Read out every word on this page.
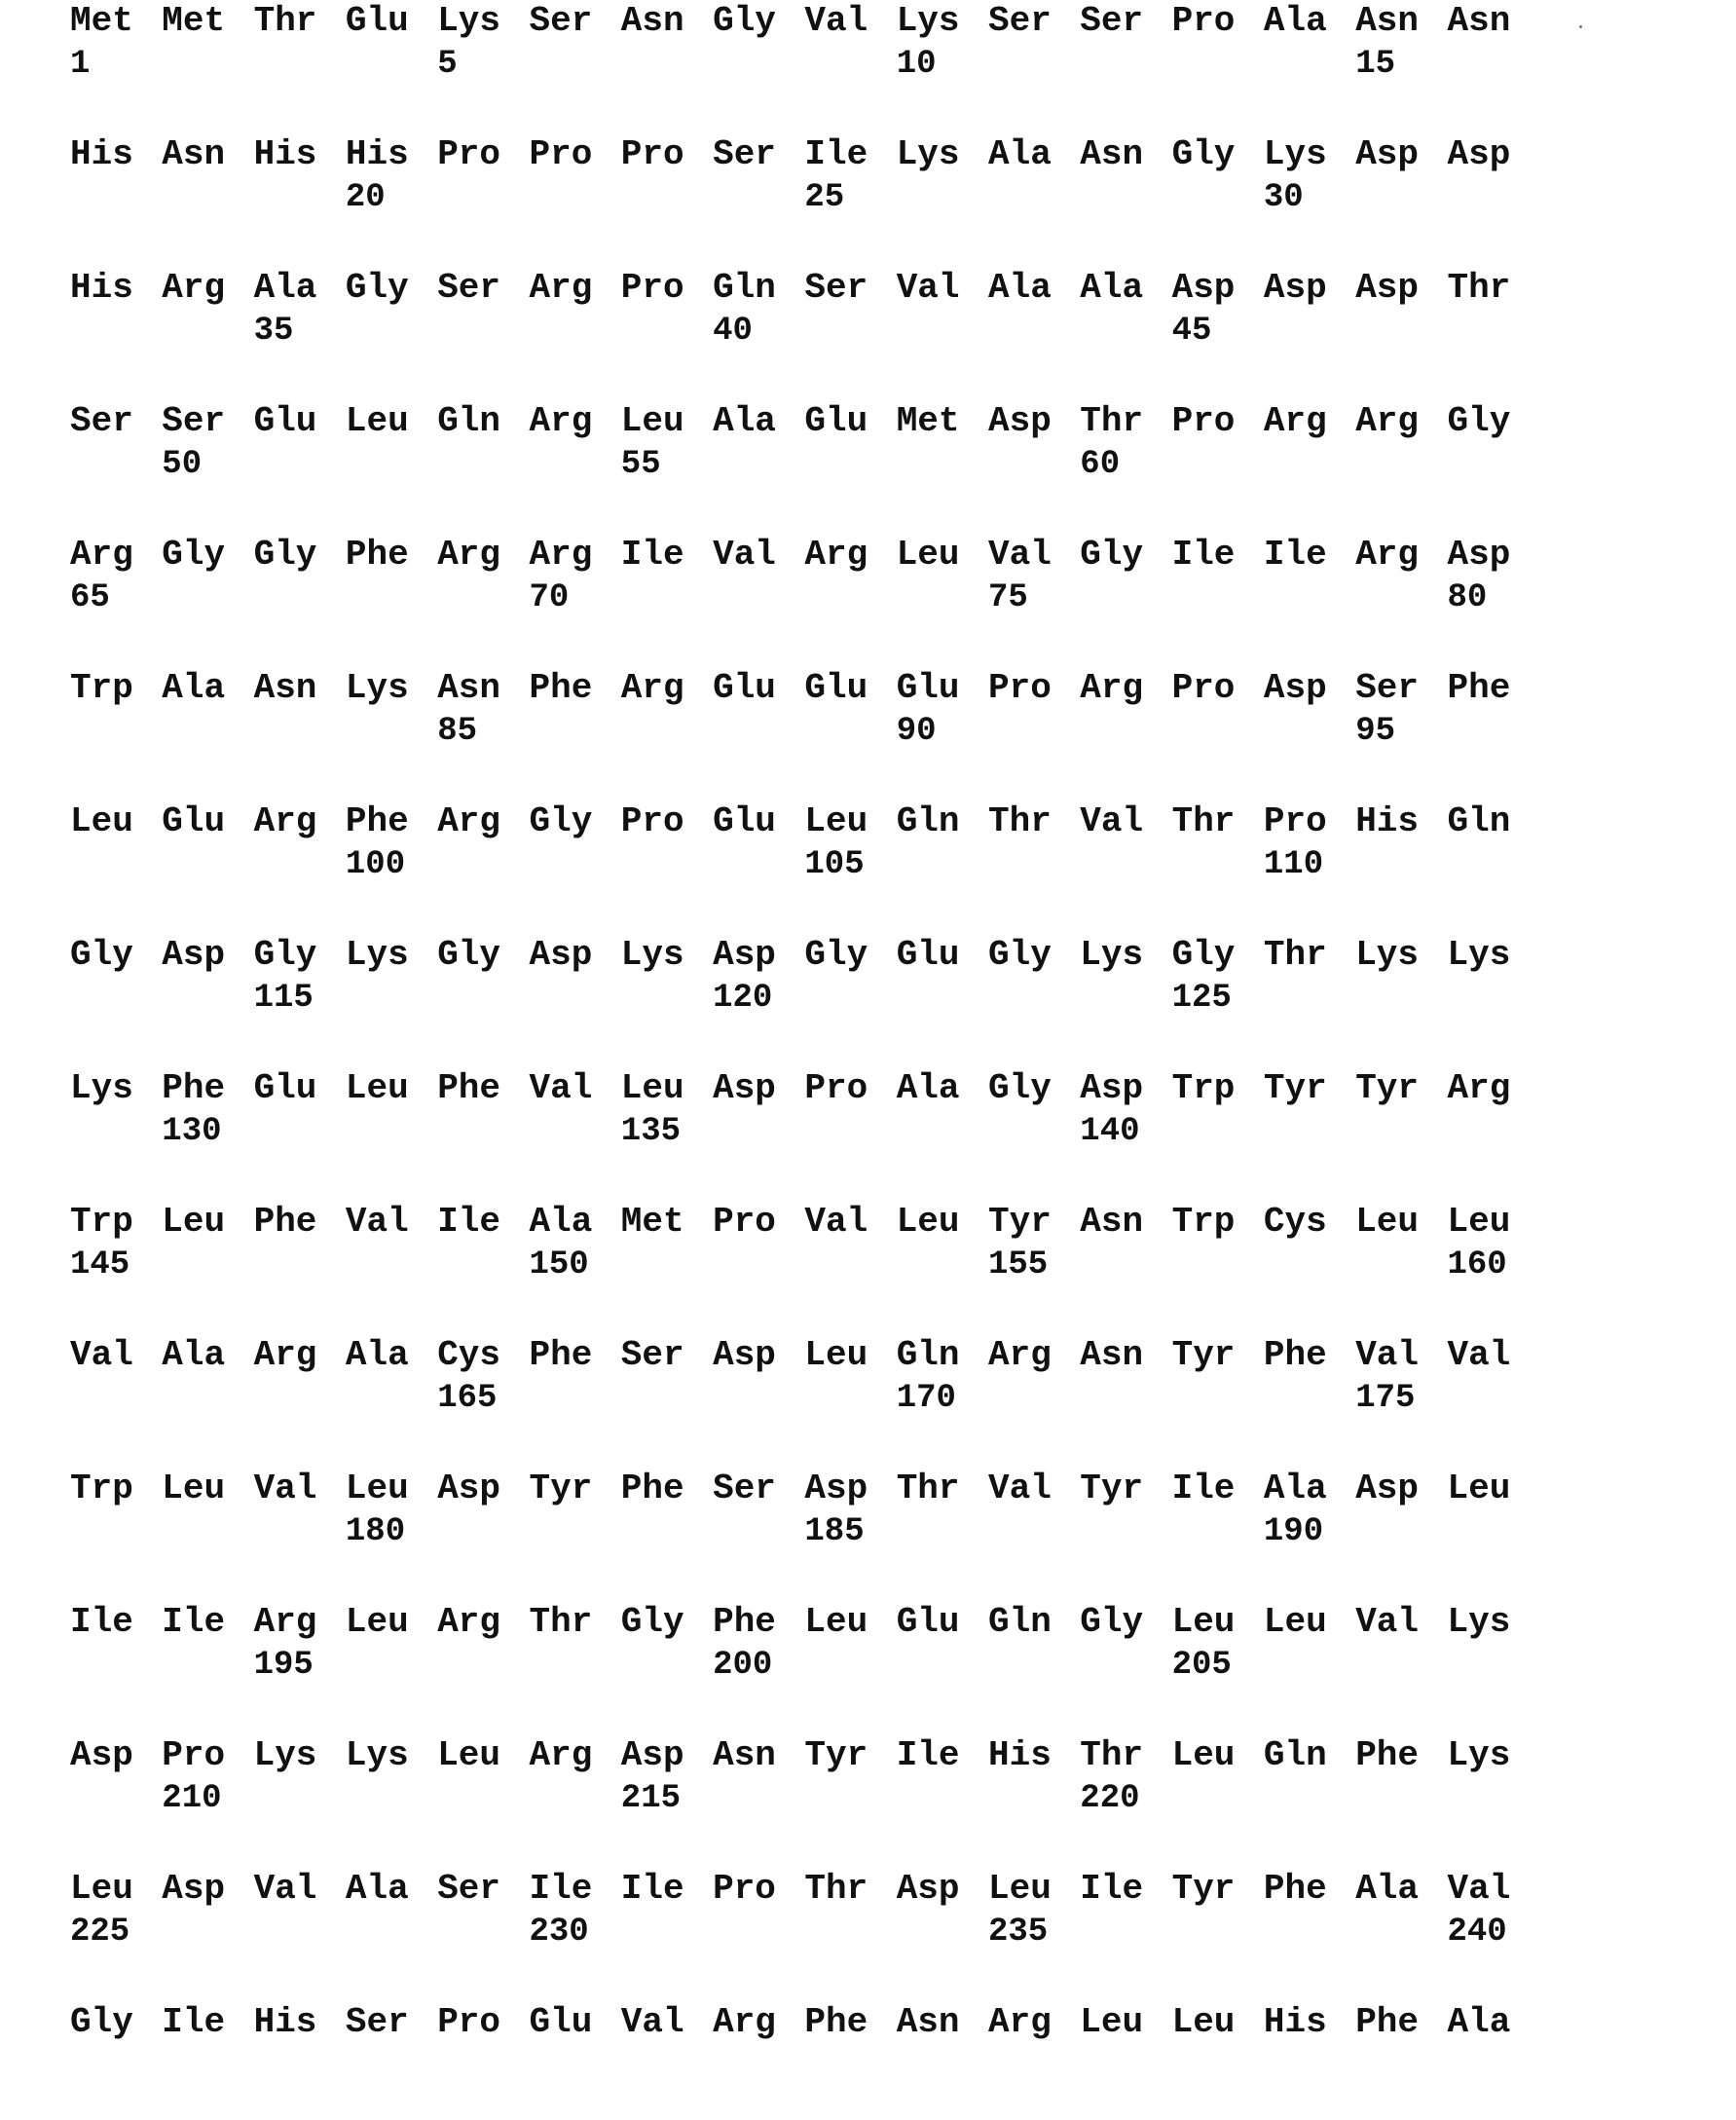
Met
1
Met Thr Glu Lys
5
Ser Asn Gly Val Lys
10
Ser Ser Pro Ala Asn
15
Asn
His Asn His His
20
Pro Pro Pro Ser Ile
25
Lys Ala Asn Gly Lys
30
Asp Asp
His Arg Ala
35
Gly Ser Arg Pro Gln
40
Ser Val Ala Ala Asp
45
Asp Asp Thr
Ser Ser
50
Glu Leu Gln Arg Leu
55
Ala Glu Met Asp Thr
60
Pro Arg Arg Gly
Arg
65
Gly Gly Phe Arg Arg
70
Ile Val Arg Leu Val
75
Gly Ile Ile Arg Asp
80
Trp Ala Asn Lys Asn
85
Phe Arg Glu Glu Glu
90
Pro Arg Pro Asp Ser
95
Phe
Leu Glu Arg Phe
100
Arg Gly Pro Glu Leu
105
Gln Thr Val Thr Pro
110
His Gln
Gly Asp Gly
115
Lys Gly Asp Lys Asp
120
Gly Glu Gly Lys Gly
125
Thr Lys Lys
Lys Phe
130
Glu Leu Phe Val Leu
135
Asp Pro Ala Gly Asp
140
Trp Tyr Tyr Arg
Trp
145
Leu Phe Val Ile Ala
150
Met Pro Val Leu Tyr
155
Asn Trp Cys Leu Leu
160
Val Ala Arg Ala Cys
165
Phe Ser Asp Leu Gln
170
Arg Asn Tyr Phe Val
175
Val
Trp Leu Val Leu
180
Asp Tyr Phe Ser Asp
185
Thr Val Tyr Ile Ala
190
Asp Leu
Ile Ile Arg
195
Leu Arg Thr Gly Phe
200
Leu Glu Gln Gly Leu
205
Leu Val Lys
Asp Pro
210
Lys Lys Leu Arg Asp
215
Asn Tyr Ile His Thr
220
Leu Gln Phe Lys
Leu
225
Asp Val Ala Ser Ile
230
Ile Pro Thr Asp Leu
235
Ile Tyr Phe Ala Val
240
Gly Ile His Ser Pro Glu Val Arg Phe Asn Arg Leu Leu His Phe Ala
